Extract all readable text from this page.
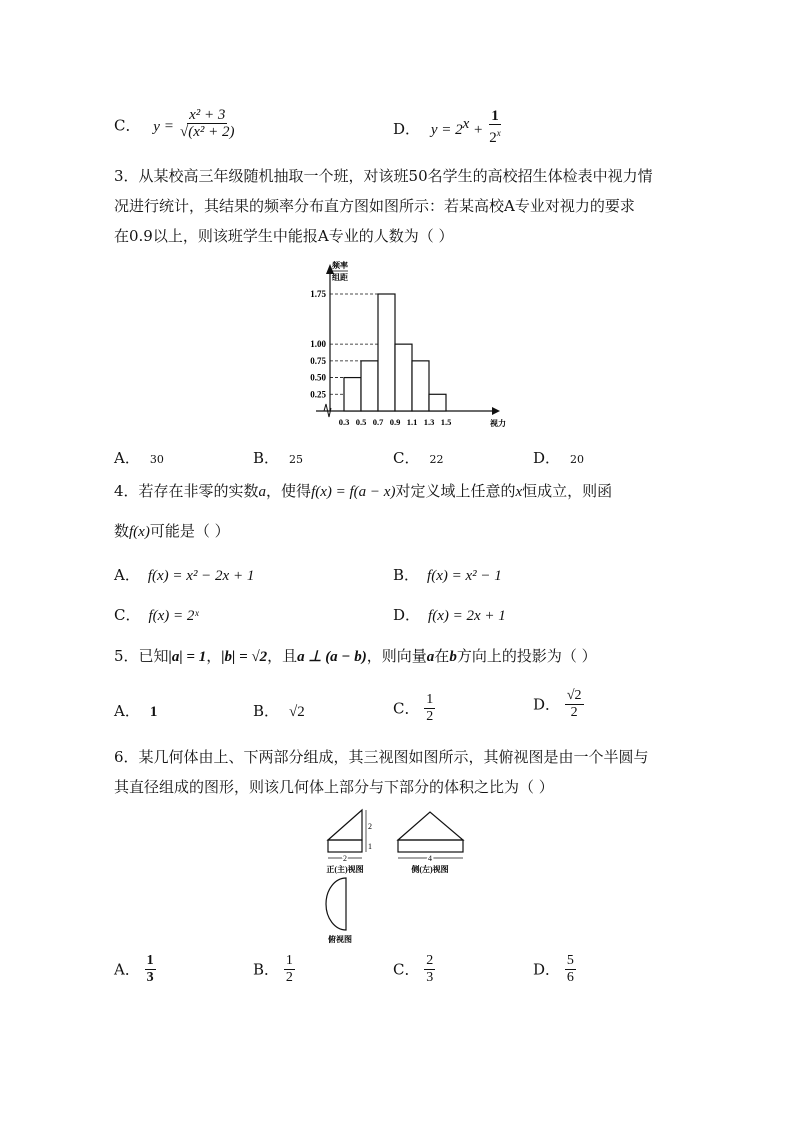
C． $y = \frac{\text{x² + 3}}{\text{√(x² + 2)}}$	D． $y = 2^x + \frac{1}{2^x}$
3．从某校高三年级随机抽取一个班，对该班50名学生的高校招生体检表中视力情
况进行统计，其结果的频率分布直方图如图所示：若某高校A专业对视力的要求
在0.9以上，则该班学生中能报A专业的人数为（ ）
频率组距
视力
1.75
1.00
0.75
0.50
0.25
0.3 0.5 0.7 0.9 1.1 1.3 1.5
A． 30	B． 25	C． 22	D． 20
4．若存在非零的实数a，使得f(x) = f(a − x)对定义域上任意的x恒成立，则函
数f(x)可能是（ ）
A． f(x) = x² − 2x + 1	B． f(x) = x² − 1
C． f(x) = 2ˣ	D． f(x) = 2x + 1
5．已知|a| = 1，|b| = √2，且a ⊥ (a − b)，则向量a在b方向上的投影为（ ）
A． 1	B． √2	C． $\frac{1}{2}$	D． $\frac{√2}{2}$
6．某几何体由上、下两部分组成，其三视图如图所示，其俯视图是由一个半圆与
其直径组成的图形，则该几何体上部分与下部分的体积之比为（ ）
2
1
2
正(主)视图
4
侧(左)视图
俯视图
A． $\frac{1}{3}$	B． $\frac{1}{2}$	C． $\frac{2}{3}$	D． $\frac{5}{6}$
